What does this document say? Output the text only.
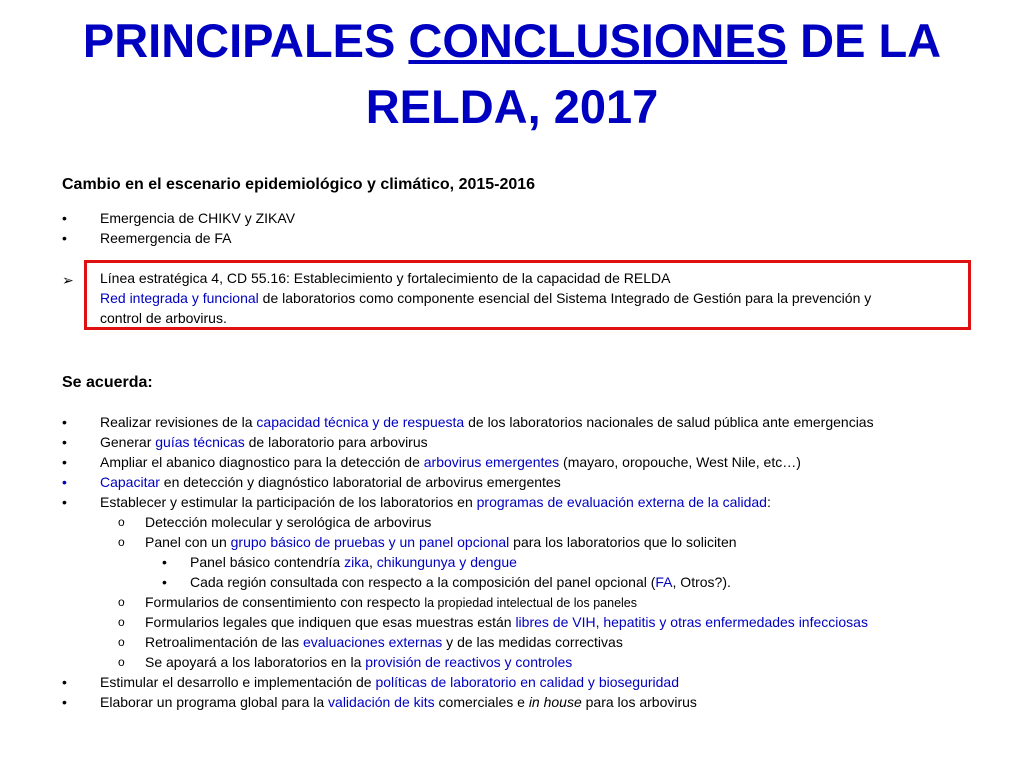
PRINCIPALES CONCLUSIONES DE LA
RELDA, 2017
Cambio en el escenario epidemiológico y climático, 2015-2016
• Emergencia de CHIKV y ZIKAV
• Reemergencia de FA
➢ Línea estratégica 4, CD 55.16: Establecimiento y fortalecimiento de la capacidad de RELDA
Red integrada y funcional de laboratorios como componente esencial del Sistema Integrado de Gestión para la prevención y
control de arbovirus.
Se acuerda:
• Realizar revisiones de la capacidad técnica y de respuesta de los laboratorios nacionales de salud pública ante emergencias
• Generar guías técnicas de laboratorio para arbovirus
• Ampliar el abanico diagnostico para la detección de arbovirus emergentes (mayaro, oropouche, West Nile, etc…)
• Capacitar en detección y diagnóstico laboratorial de arbovirus emergentes
• Establecer y estimular la participación de los laboratorios en programas de evaluación externa de la calidad:
o Detección molecular y serológica de arbovirus
o Panel con un grupo básico de pruebas y un panel opcional para los laboratorios que lo soliciten
• Panel básico contendría zika, chikungunya y dengue
• Cada región consultada con respecto a la composición del panel opcional (FA, Otros?).
o Formularios de consentimiento con respecto la propiedad intelectual de los paneles
o Formularios legales que indiquen que esas muestras están libres de VIH, hepatitis y otras enfermedades infecciosas
o Retroalimentación de las evaluaciones externas y de las medidas correctivas
o Se apoyará a los laboratorios en la provisión de reactivos y controles
• Estimular el desarrollo e implementación de políticas de laboratorio en calidad y bioseguridad
• Elaborar un programa global para la validación de kits comerciales e in house para los arbovirus
